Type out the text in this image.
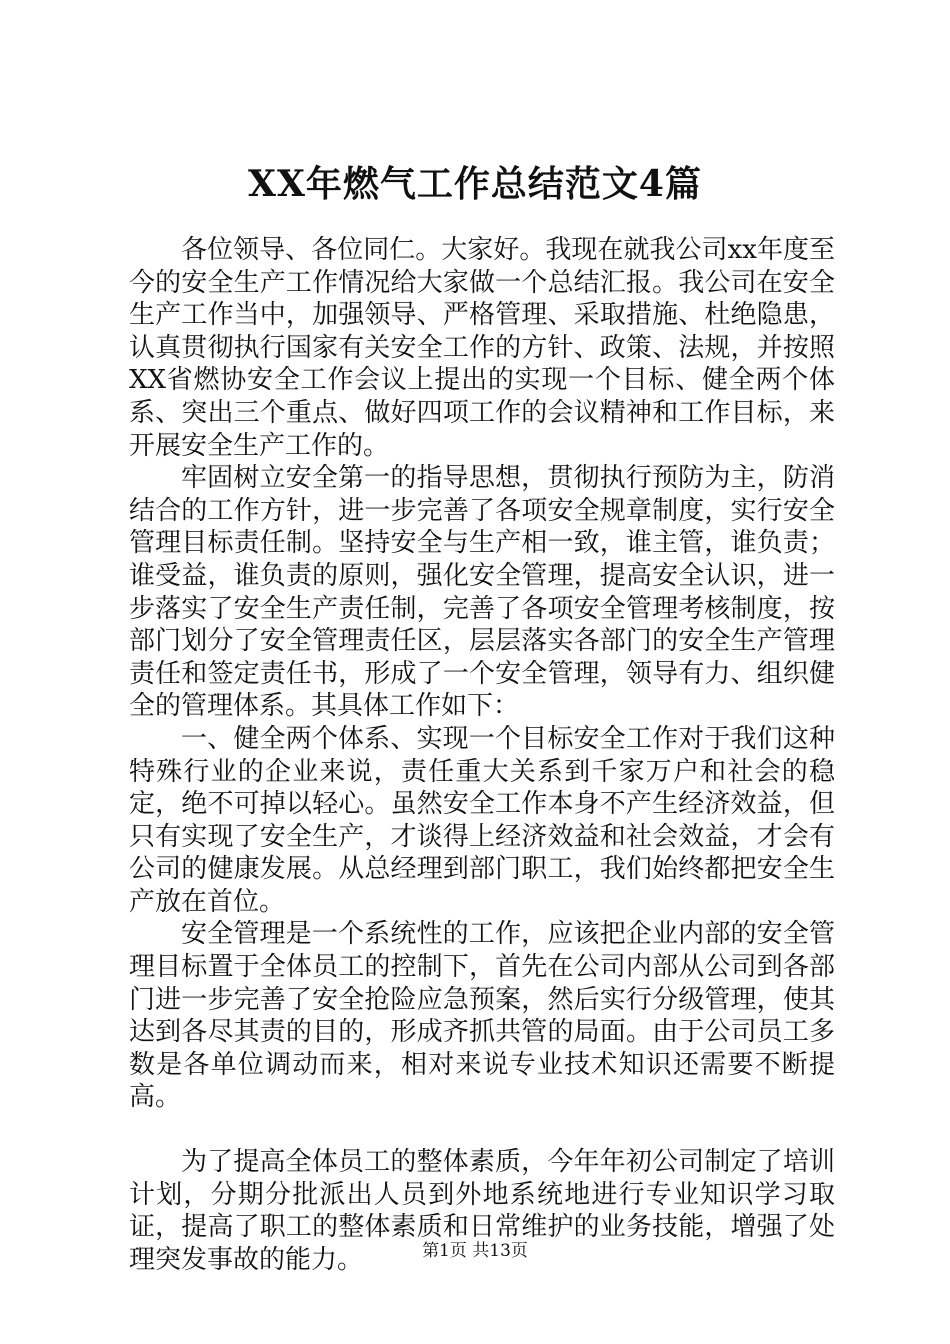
XX年燃气工作总结范文4篇

各位领导、各位同仁。大家好。我现在就我公司xx年度至今的安全生产工作情况给大家做一个总结汇报。我公司在安全生产工作当中，加强领导、严格管理、采取措施、杜绝隐患，认真贯彻执行国家有关安全工作的方针、政策、法规，并按照XX省燃协安全工作会议上提出的实现一个目标、健全两个体系、突出三个重点、做好四项工作的会议精神和工作目标，来开展安全生产工作的。

牢固树立安全第一的指导思想，贯彻执行预防为主，防消结合的工作方针，进一步完善了各项安全规章制度，实行安全管理目标责任制。坚持安全与生产相一致，谁主管，谁负责；谁受益，谁负责的原则，强化安全管理，提高安全认识，进一步落实了安全生产责任制，完善了各项安全管理考核制度，按部门划分了安全管理责任区，层层落实各部门的安全生产管理责任和签定责任书，形成了一个安全管理，领导有力、组织健全的管理体系。其具体工作如下：

一、健全两个体系、实现一个目标安全工作对于我们这种特殊行业的企业来说，责任重大关系到千家万户和社会的稳定，绝不可掉以轻心。虽然安全工作本身不产生经济效益，但只有实现了安全生产，才谈得上经济效益和社会效益，才会有公司的健康发展。从总经理到部门职工，我们始终都把安全生产放在首位。

安全管理是一个系统性的工作，应该把企业内部的安全管理目标置于全体员工的控制下，首先在公司内部从公司到各部门进一步完善了安全抢险应急预案，然后实行分级管理，使其达到各尽其责的目的，形成齐抓共管的局面。由于公司员工多数是各单位调动而来，相对来说专业技术知识还需要不断提高。

为了提高全体员工的整体素质，今年年初公司制定了培训计划，分期分批派出人员到外地系统地进行专业知识学习取证，提高了职工的整体素质和日常维护的业务技能，增强了处理突发事故的能力。	第1页 共13页
